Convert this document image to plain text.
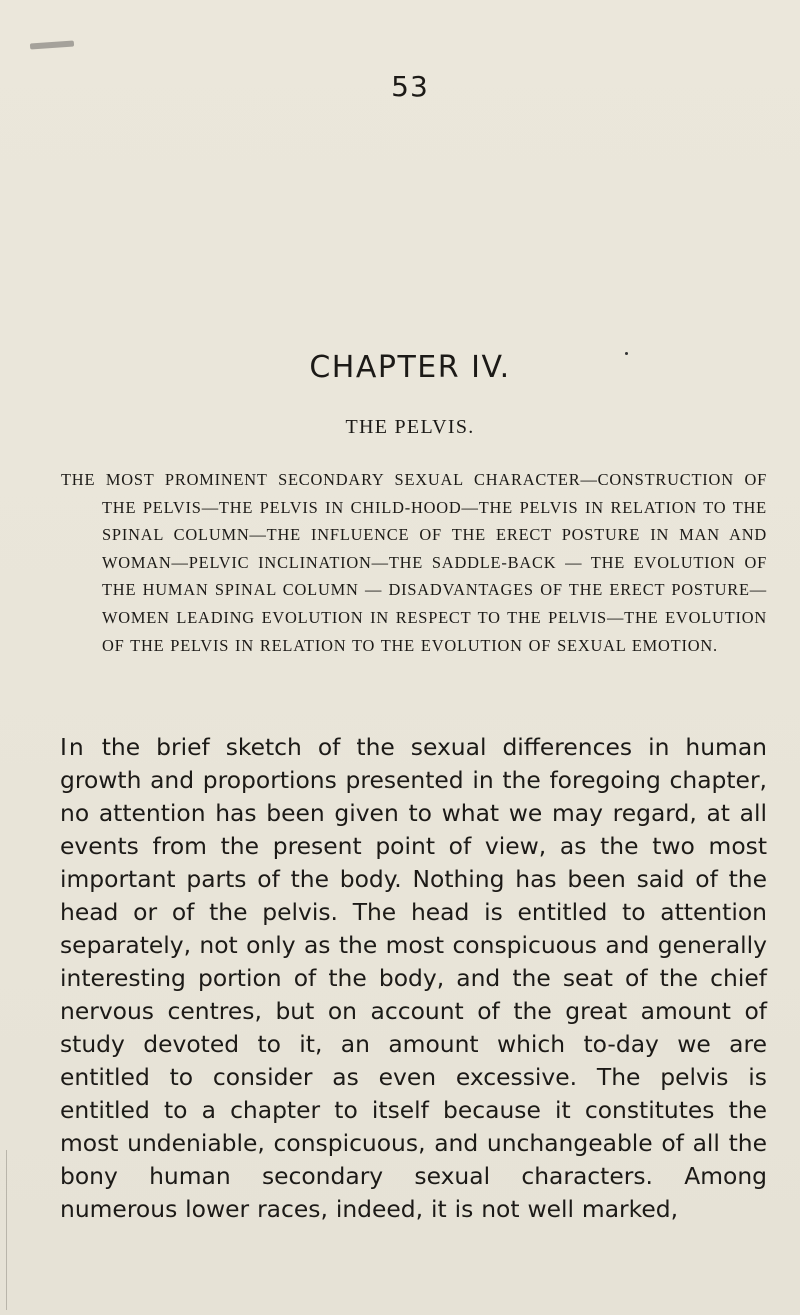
53
CHAPTER IV.
THE PELVIS.
THE MOST PROMINENT SECONDARY SEXUAL CHARACTER—CONSTRUCTION OF THE PELVIS—THE PELVIS IN CHILD-HOOD—THE PELVIS IN RELATION TO THE SPINAL COLUMN—THE INFLUENCE OF THE ERECT POSTURE IN MAN AND WOMAN—PELVIC INCLINATION—THE SADDLE-BACK — THE EVOLUTION OF THE HUMAN SPINAL COLUMN — DISADVANTAGES OF THE ERECT POSTURE—WOMEN LEADING EVOLUTION IN RESPECT TO THE PELVIS—THE EVOLUTION OF THE PELVIS IN RELATION TO THE EVOLUTION OF SEXUAL EMOTION.
In the brief sketch of the sexual differences in human growth and proportions presented in the foregoing chapter, no attention has been given to what we may regard, at all events from the present point of view, as the two most important parts of the body. Nothing has been said of the head or of the pelvis. The head is entitled to attention separately, not only as the most conspicuous and generally interesting portion of the body, and the seat of the chief nervous centres, but on account of the great amount of study devoted to it, an amount which to-day we are entitled to consider as even excessive. The pelvis is entitled to a chapter to itself because it constitutes the most undeniable, conspicuous, and unchangeable of all the bony human secondary sexual characters. Among numerous lower races, indeed, it is not well marked,
